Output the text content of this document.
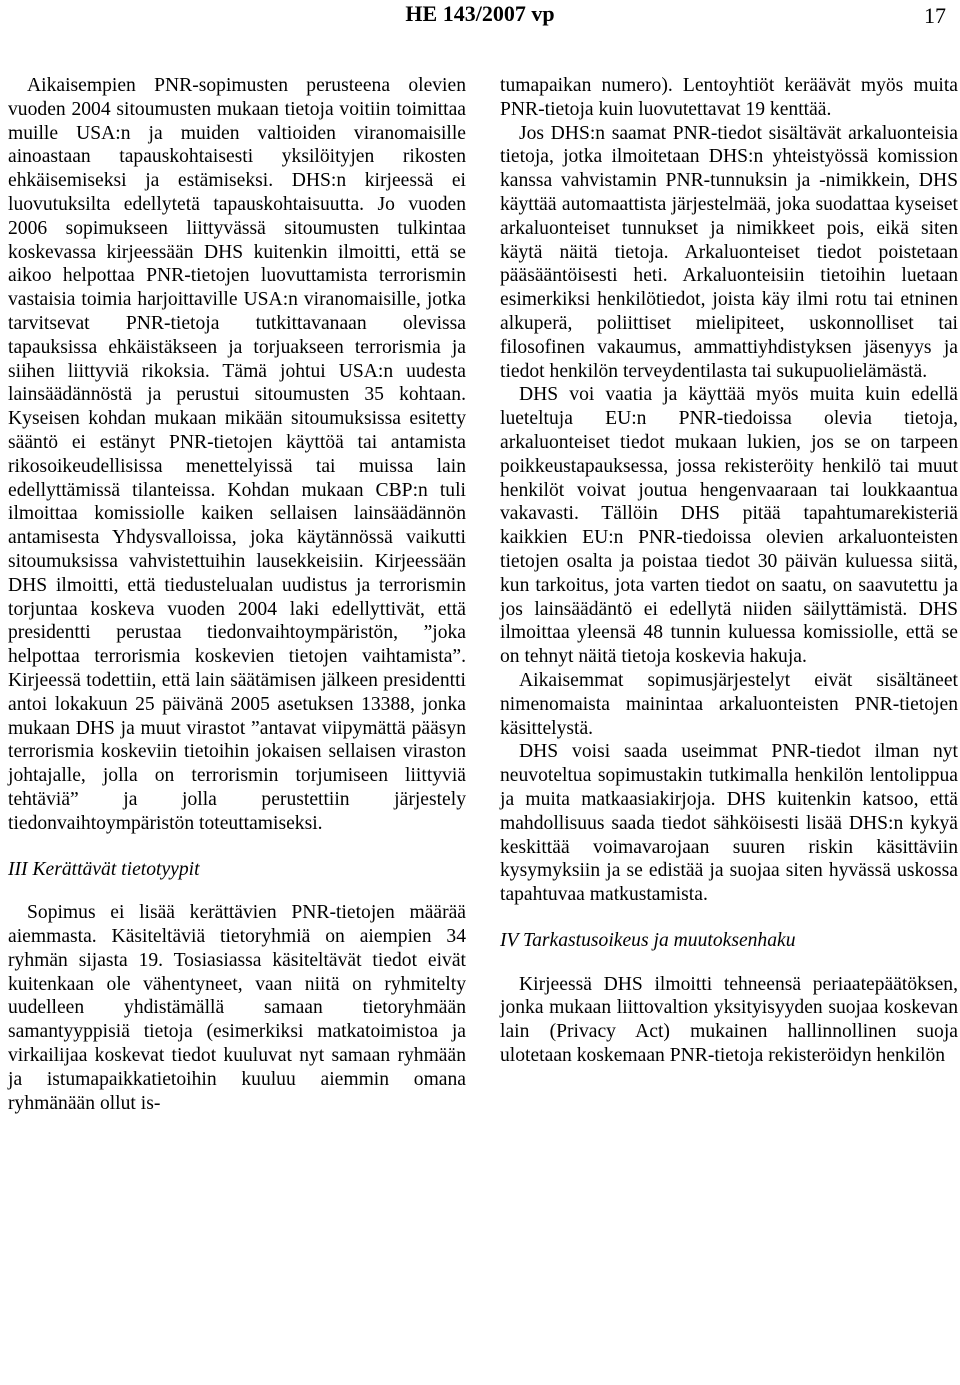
HE 143/2007 vp	17

Aikaisempien PNR-sopimusten perusteena olevien vuoden 2004 sitoumusten mukaan tietoja voitiin toimittaa muille USA:n ja muiden valtioiden viranomaisille ainoastaan tapauskohtaisesti yksilöityjen rikosten ehkäisemiseksi ja estämiseksi. DHS:n kirjeessä ei luovutuksilta edellytetä tapauskohtaisuutta. Jo vuoden 2006 sopimukseen liittyvässä sitoumusten tulkintaa koskevassa kirjeessään DHS kuitenkin ilmoitti, että se aikoo helpottaa PNR-tietojen luovuttamista terrorismin vastaisia toimia harjoittaville USA:n viranomaisille, jotka tarvitsevat PNR-tietoja tutkittavanaan olevissa tapauksissa ehkäistäkseen ja torjuakseen terrorismia ja siihen liittyviä rikoksia. Tämä johtui USA:n uudesta lainsäädännöstä ja perustui sitoumusten 35 kohtaan. Kyseisen kohdan mukaan mikään sitoumuksissa esitetty sääntö ei estänyt PNR-tietojen käyttöä tai antamista rikosoikeudellisissa menettelyissä tai muissa lain edellyttämissä tilanteissa. Kohdan mukaan CBP:n tuli ilmoittaa komissiolle kaiken sellaisen lainsäädännön antamisesta Yhdysvalloissa, joka käytännössä vaikutti sitoumuksissa vahvistettuihin lausekkeisiin. Kirjeessään DHS ilmoitti, että tiedustelualan uudistus ja terrorismin torjuntaa koskeva vuoden 2004 laki edellyttivät, että presidentti perustaa tiedonvaihtoympäristön, ”joka helpottaa terrorismia koskevien tietojen vaihtamista”. Kirjeessä todettiin, että lain säätämisen jälkeen presidentti antoi lokakuun 25 päivänä 2005 asetuksen 13388, jonka mukaan DHS ja muut virastot ”antavat viipymättä pääsyn terrorismia koskeviin tietoihin jokaisen sellaisen viraston johtajalle, jolla on terrorismin torjumiseen liittyviä tehtäviä” ja jolla perustettiin järjestely tiedonvaihtoympäristön toteuttamiseksi.

III Kerättävät tietotyypit

Sopimus ei lisää kerättävien PNR-tietojen määrää aiemmasta. Käsiteltäviä tietoryhmiä on aiempien 34 ryhmän sijasta 19. Tosiasiassa käsiteltävät tiedot eivät kuitenkaan ole vähentyneet, vaan niitä on ryhmitelty uudelleen yhdistämällä samaan tietoryhmään samantyyppisiä tietoja (esimerkiksi matkatoimistoa ja virkailijaa koskevat tiedot kuuluvat nyt samaan ryhmään ja istumapaikkatietoihin kuuluu aiemmin omana ryhmänään ollut is-

tumapaikan numero). Lentoyhtiöt keräävät myös muita PNR-tietoja kuin luovutettavat 19 kenttää.

Jos DHS:n saamat PNR-tiedot sisältävät arkaluonteisia tietoja, jotka ilmoitetaan DHS:n yhteistyössä komission kanssa vahvistamin PNR-tunnuksin ja -nimikkein, DHS käyttää automaattista järjestelmää, joka suodattaa kyseiset arkaluonteiset tunnukset ja nimikkeet pois, eikä siten käytä näitä tietoja. Arkaluonteiset tiedot poistetaan pääsääntöisesti heti. Arkaluonteisiin tietoihin luetaan esimerkiksi henkilötiedot, joista käy ilmi rotu tai etninen alkuperä, poliittiset mielipiteet, uskonnolliset tai filosofinen vakaumus, ammattiyhdistyksen jäsenyys ja tiedot henkilön terveydentilasta tai sukupuolielämästä.

DHS voi vaatia ja käyttää myös muita kuin edellä lueteltuja EU:n PNR-tiedoissa olevia tietoja, arkaluonteiset tiedot mukaan lukien, jos se on tarpeen poikkeustapauksessa, jossa rekisteröity henkilö tai muut henkilöt voivat joutua hengenvaaraan tai loukkaantua vakavasti. Tällöin DHS pitää tapahtumarekisteriä kaikkien EU:n PNR-tiedoissa olevien arkaluonteisten tietojen osalta ja poistaa tiedot 30 päivän kuluessa siitä, kun tarkoitus, jota varten tiedot on saatu, on saavutettu ja jos lainsäädäntö ei edellytä niiden säilyttämistä. DHS ilmoittaa yleensä 48 tunnin kuluessa komissiolle, että se on tehnyt näitä tietoja koskevia hakuja.

Aikaisemmat sopimusjärjestelyt eivät sisältäneet nimenomaista mainintaa arkaluonteisten PNR-tietojen käsittelystä.

DHS voisi saada useimmat PNR-tiedot ilman nyt neuvoteltua sopimustakin tutkimalla henkilön lentolippua ja muita matkaasiakirjoja. DHS kuitenkin katsoo, että mahdollisuus saada tiedot sähköisesti lisää DHS:n kykyä keskittää voimavarojaan suuren riskin käsittäviin kysymyksiin ja se edistää ja suojaa siten hyvässä uskossa tapahtuvaa matkustamista.

IV Tarkastusoikeus ja muutoksenhaku

Kirjeessä DHS ilmoitti tehneensä periaatepäätöksen, jonka mukaan liittovaltion yksityisyyden suojaa koskevan lain (Privacy Act) mukainen hallinnollinen suoja ulotetaan koskemaan PNR-tietoja rekisteröidyn henkilön
